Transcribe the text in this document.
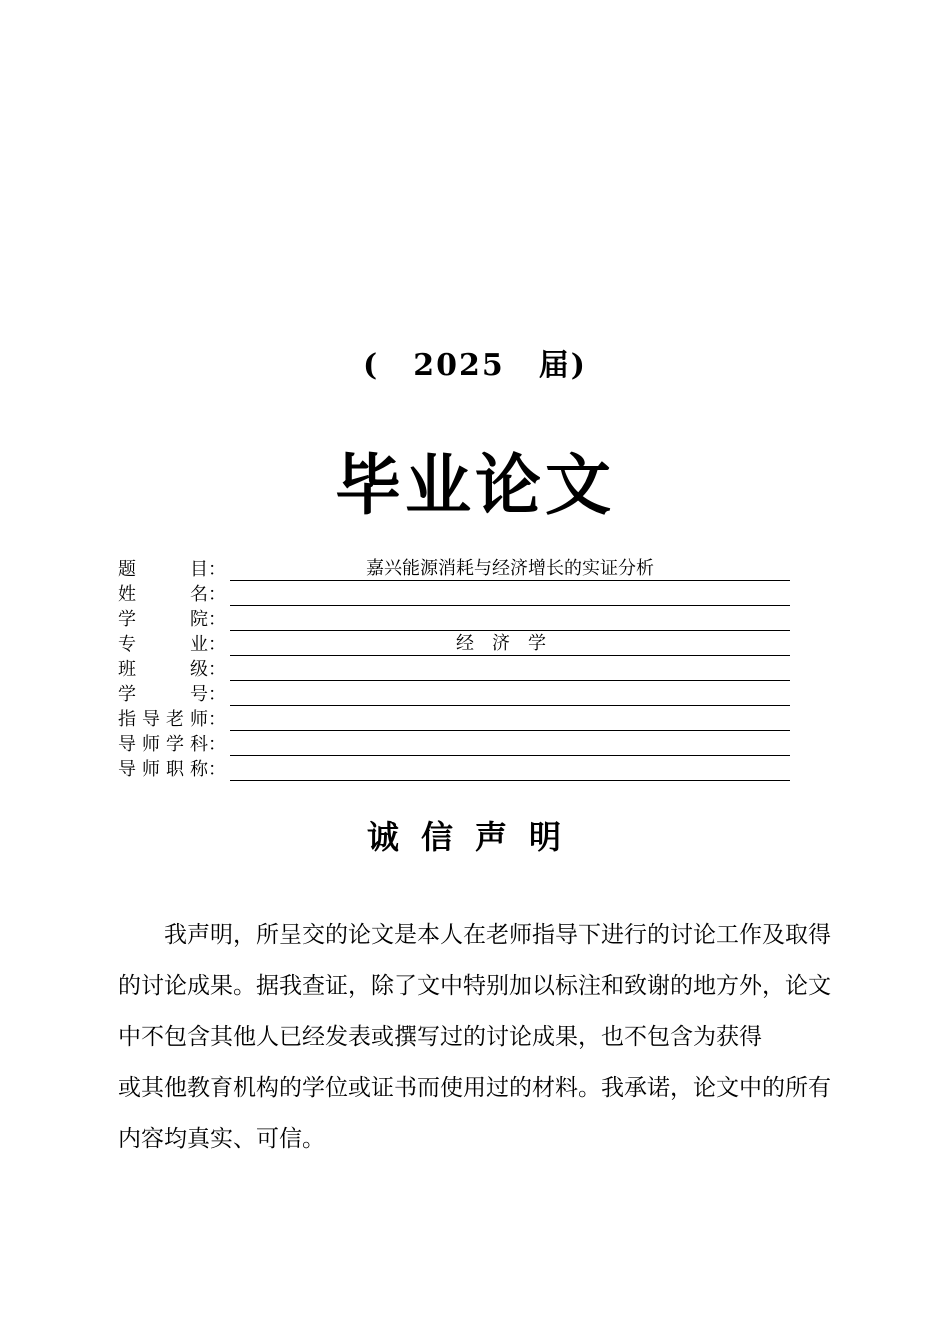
( 2025 届)
毕业论文
题	目 ：	嘉兴能源消耗与经济增长的实证分析
姓	名 ：
学	院 ：
专	业 ：	经济学
班	级 ：
学	号 ：
指 导 老 师 ：
导 师 学 科 ：
导 师 职 称 ：
诚信声明

我声明，所呈交的论文是本人在老师指导下进行的讨论工作及取得的讨论成果。据我查证，除了文中特别加以标注和致谢的地方外，论文中不包含其他人已经发表或撰写过的讨论成果，也不包含为获得　　　或其他教育机构的学位或证书而使用过的材料。我承诺，论文中的所有内容均真实、可信。
